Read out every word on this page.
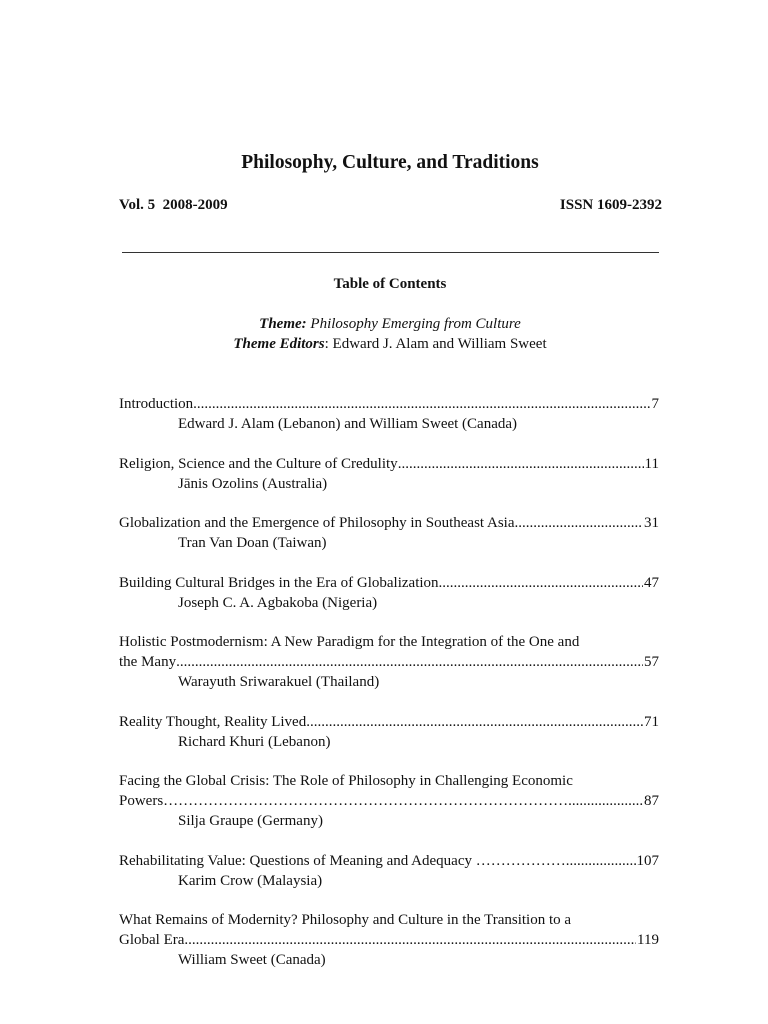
Philosophy, Culture, and Traditions
Vol. 5  2008-2009	ISSN 1609-2392
Table of Contents
Theme: Philosophy Emerging from Culture
Theme Editors: Edward J. Alam and William Sweet
Introduction .....	7
Edward J. Alam (Lebanon) and William Sweet (Canada)
Religion, Science and the Culture of Credulity .....	11
Jānis Ozolins (Australia)
Globalization and the Emergence of Philosophy in Southeast Asia .....	31
Tran Van Doan (Taiwan)
Building Cultural Bridges in the Era of Globalization .....	47
Joseph C. A. Agbakoba (Nigeria)
Holistic Postmodernism: A New Paradigm for the Integration of the One and
the Many .....	57
Warayuth Sriwarakuel (Thailand)
Reality Thought, Reality Lived .....	71
Richard Khuri (Lebanon)
Facing the Global Crisis: The Role of Philosophy in Challenging Economic
Powers………………………………………………………………………. .....	87
Silja Graupe (Germany)
Rehabilitating Value: Questions of Meaning and Adequacy ……………… .....	107
Karim Crow (Malaysia)
What Remains of Modernity? Philosophy and Culture in the Transition to a
Global Era .....	119
William Sweet (Canada)
